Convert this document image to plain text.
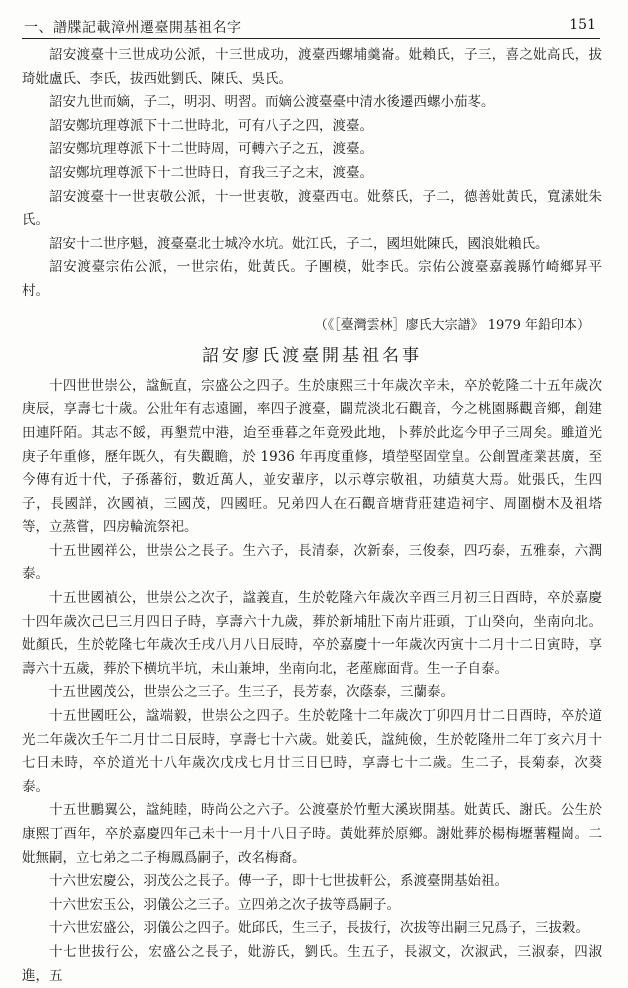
一、譜牒記載漳州遷臺開基祖名字	151

詔安渡臺十三世成功公派，十三世成功，渡臺西螺埔羹崙。妣賴氏，子三，喜之妣高氏，拔琦妣盧氏、李氏，拔西妣劉氏、陳氏、吳氏。

詔安九世而嫡，子二，明羽、明習。而嫡公渡臺臺中清水後遷西螺小茄苳。

詔安鄭坑理尊派下十二世時北，可有八子之四，渡臺。

詔安鄭坑理尊派下十二世時周，可轉六子之五，渡臺。

詔安鄭坑理尊派下十二世時日，育我三子之末，渡臺。

詔安渡臺十一世衷敬公派，十一世衷敬，渡臺西屯。妣蔡氏，子二，德善妣黃氏，寬溸妣朱氏。

詔安十二世序魁，渡臺臺北士城冷水坑。妣江氏，子二，國坦妣陳氏，國浪妣賴氏。

詔安渡臺宗佑公派，一世宗佑，妣黃氏。子團模，妣李氏。宗佑公渡臺嘉義縣竹崎鄉昇平村。

（《［臺灣雲林］廖氏大宗譜》 1979 年鉛印本）

詔安廖氏渡臺開基祖名事

十四世世崇公，諡魭直，宗盛公之四子。生於康熙三十年歲次辛未，卒於乾隆二十五年歲次庚辰，享壽七十歲。公壯年有志遠圖，率四子渡臺，闢荒淡北石觀音，今之桃園縣觀音鄉，創建田連阡陌。其志不餒，再墾荒中港，迨至垂暮之年竟殁此地，卜葬於此迄今甲子三周矣。雖道光庚子年重修，歷年既久，有失觀瞻，於 1936 年再度重修，墳塋堅固堂皇。公創置產業甚廣，至今傳有近十代，子孫蕃衍，數近萬人，並安輩序，以示尊宗敬祖，功績莫大焉。妣張氏，生四子，長國詳，次國禎，三國茂，四國旺。兄弟四人在石觀音塘背莊建造祠宇、周圍樹木及祖塔等，立蒸嘗，四房輪流祭祀。

十五世國祥公，世崇公之長子。生六子，長清泰，次新泰，三俊泰，四巧泰，五雅泰，六潤泰。

十五世國禎公，世崇公之次子，諡義直，生於乾隆六年歲次辛酉三月初三日酉時，卒於嘉慶十四年歲次己巳三月四日子時，享壽六十九歲，葬於新埔肚下南片莊頭，丁山癸向，坐南向北。妣顏氏，生於乾隆七年歲次壬戌八月八日辰時，卒於嘉慶十一年歲次丙寅十二月十二日寅時，享壽六十五歲，葬於下横坑半坑，未山兼坤，坐南向北，老蓙廊面背。生一子自泰。

十五世國茂公，世崇公之三子。生三子，長芳泰，次蔭泰，三蘭泰。

十五世國旺公，諡端毅，世崇公之四子。生於乾隆十二年歲次丁卯四月廿二日酉時，卒於道光二年歲次壬午二月廿二日辰時，享壽七十六歲。妣姜氏，諡純儉，生於乾隆卅二年丁亥六月十七日未時，卒於道光十八年歲次戊戌七月廿三日巳時，享壽七十二歲。生二子，長菊泰，次葵泰。

十五世鵬翼公，諡純睦，時尚公之六子。公渡臺於竹塹大溪崁開基。妣黃氏、謝氏。公生於康熙丁酉年，卒於嘉慶四年己未十一月十八日子時。黃妣葬於原鄉。謝妣葬於楊梅壢薯糧崗。二妣無嗣，立七弟之二子梅鳳爲嗣子，改名梅裔。

十六世宏慶公，羽茂公之長子。傳一子，即十七世拔軒公，系渡臺開基始祖。

十六世宏玉公，羽儀公之三子。立四弟之次子拔等爲嗣子。

十六世宏盛公，羽儀公之四子。妣邱氏，生三子，長拔行，次拔等出嗣三兄爲子，三拔穀。

十七世拔行公，宏盛公之長子，妣游氏，劉氏。生五子，長淑文，次淑武，三淑泰，四淑進，五
